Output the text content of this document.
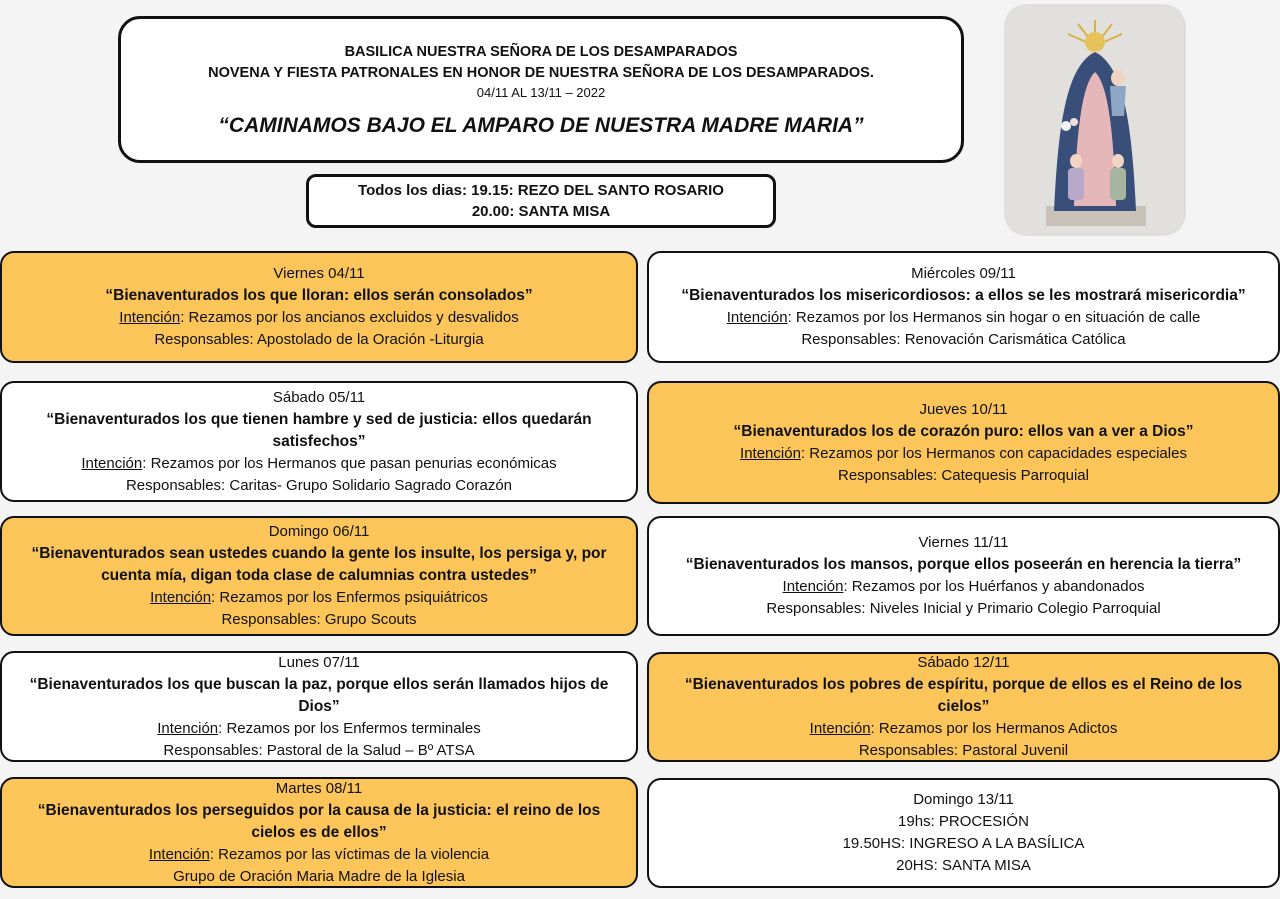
BASILICA NUESTRA SEÑORA DE LOS DESAMPARADOS
NOVENA Y FIESTA PATRONALES EN HONOR DE NUESTRA SEÑORA DE LOS DESAMPARADOS.
04/11 AL 13/11 – 2022
“CAMINAMOS BAJO EL AMPARO DE NUESTRA MADRE MARIA”
Todos los dias: 19.15: REZO DEL SANTO ROSARIO
20.00: SANTA MISA
Viernes 04/11
“Bienaventurados los que lloran: ellos serán consolados”
Intención: Rezamos por los ancianos excluidos y desvalidos
Responsables: Apostolado de la Oración -Liturgia
Sábado 05/11
“Bienaventurados los que tienen hambre y sed de justicia: ellos quedarán satisfechos”
Intención: Rezamos por los Hermanos que pasan penurias económicas
Responsables: Caritas- Grupo Solidario Sagrado Corazón
Domingo 06/11
“Bienaventurados sean ustedes cuando la gente los insulte, los persiga y, por cuenta mía, digan toda clase de calumnias contra ustedes”
Intención: Rezamos por los Enfermos psiquiátricos
Responsables: Grupo Scouts
Lunes 07/11
“Bienaventurados los que buscan la paz, porque ellos serán llamados hijos de Dios”
Intención: Rezamos por los Enfermos terminales
Responsables: Pastoral de la Salud – Bº ATSA
Martes 08/11
“Bienaventurados los perseguidos por la causa de la justicia: el reino de los cielos es de ellos”
Intención: Rezamos por las víctimas de la violencia
Grupo de Oración Maria Madre de la Iglesia
Miércoles 09/11
“Bienaventurados los misericordiosos: a ellos se les mostrará misericordia”
Intención: Rezamos por los Hermanos sin hogar o en situación de calle
Responsables: Renovación Carismática Católica
Jueves 10/11
“Bienaventurados los de corazón puro: ellos van a ver a Dios”
Intención: Rezamos por los Hermanos con capacidades especiales
Responsables: Catequesis Parroquial
Viernes 11/11
“Bienaventurados los mansos, porque ellos poseerán en herencia la tierra”
Intención: Rezamos por los Huérfanos y abandonados
Responsables: Niveles Inicial y Primario Colegio Parroquial
Sábado 12/11
“Bienaventurados los pobres de espíritu, porque de ellos es el Reino de los cielos”
Intención: Rezamos por los Hermanos Adictos
Responsables: Pastoral Juvenil
Domingo 13/11
19hs: PROCESIÓN
19.50HS: INGRESO A LA BASÍLICA
20HS: SANTA MISA
